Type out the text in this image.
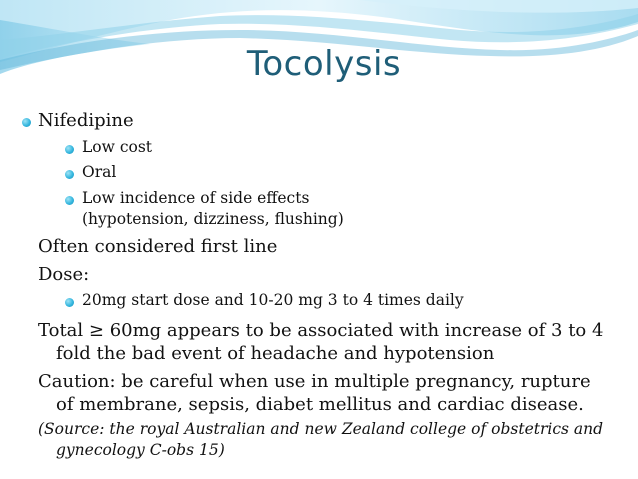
Tocolysis
Nifedipine
Low cost
Oral
Low incidence of side effects
(hypotension, dizziness, flushing)
Often considered first line
Dose:
20mg start dose and 10-20 mg 3 to 4 times daily
Total ≥ 60mg appears to be associated with increase of 3 to 4
fold the bad event of headache and hypotension
Caution: be careful when use in multiple pregnancy, rupture
of membrane, sepsis, diabet mellitus and cardiac disease.
(Source: the royal Australian and new Zealand college of obstetrics and
gynecology C-obs 15)
